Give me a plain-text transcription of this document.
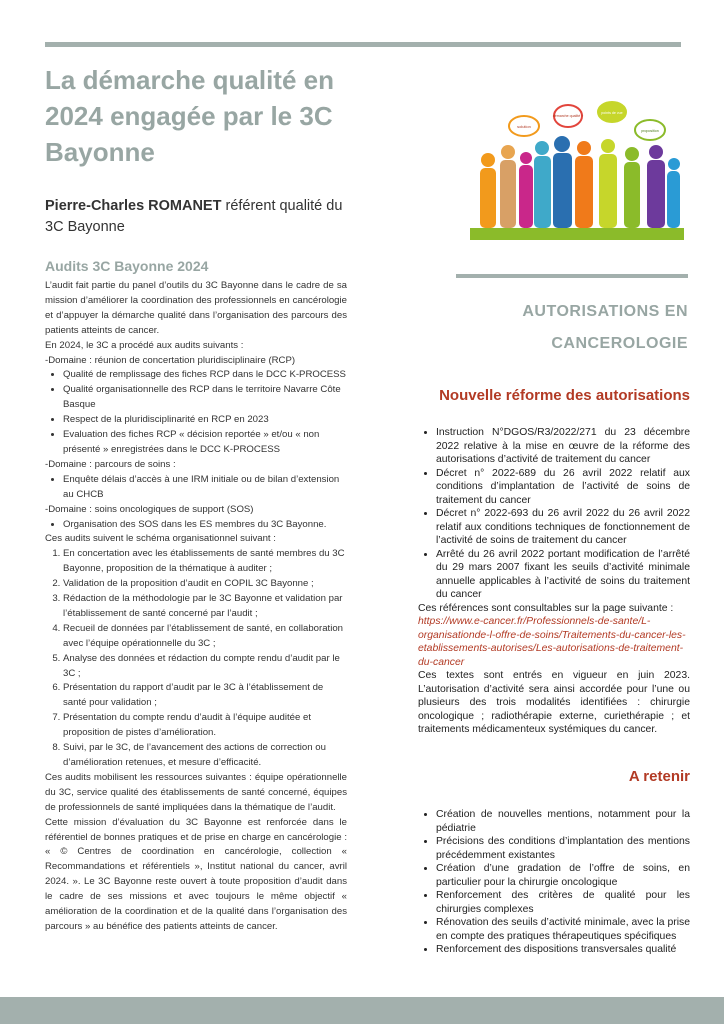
La démarche qualité en 2024 engagée par le 3C Bayonne
Pierre-Charles ROMANET référent qualité du 3C Bayonne
solution
démarche qualité ?
points de vue
proposition
Audits 3C Bayonne 2024

L’audit fait partie du panel d’outils du 3C Bayonne dans le cadre de sa mission d’améliorer la coordination des professionnels en cancérologie et d’appuyer la démarche qualité dans l’organisation des parcours des patients atteints de cancer.

En 2024, le 3C a procédé aux audits suivants :

-Domaine : réunion de concertation pluridisciplinaire (RCP)

• Qualité de remplissage des fiches RCP dans le DCC K-PROCESS
• Qualité organisationnelle des RCP dans le territoire Navarre Côte Basque
• Respect de la pluridisciplinarité en RCP en 2023
• Evaluation des fiches RCP « décision reportée » et/ou « non présenté » enregistrées dans le DCC K-PROCESS

-Domaine : parcours de soins :

• Enquête délais d’accès à une IRM initiale ou de bilan d’extension au CHCB

-Domaine : soins oncologiques de support (SOS)

• Organisation des SOS dans les ES membres du 3C Bayonne.

Ces audits suivent le schéma organisationnel suivant :

1. En concertation avec les établissements de santé membres du 3C Bayonne, proposition de la thématique à auditer ;
2. Validation de la proposition d’audit en COPIL 3C Bayonne ;
3. Rédaction de la méthodologie par le 3C Bayonne et validation par l’établissement de santé concerné par l’audit ;
4. Recueil de données par l’établissement de santé, en collaboration avec l’équipe opérationnelle du 3C ;
5. Analyse des données et rédaction du compte rendu d’audit par le 3C ;
6. Présentation du rapport d’audit par le 3C à l’établissement de santé pour validation ;
7. Présentation du compte rendu d’audit à l’équipe auditée et proposition de pistes d’amélioration.
8. Suivi, par le 3C, de l’avancement des actions de correction ou d’amélioration retenues, et mesure d’efficacité.

Ces audits mobilisent les ressources suivantes : équipe opérationnelle du 3C, service qualité des établissements de santé concerné, équipes de professionnels de santé impliquées dans la thématique de l’audit.

Cette mission d’évaluation du 3C Bayonne est renforcée dans le référentiel de bonnes pratiques et de prise en charge en cancérologie : « © Centres de coordination en cancérologie, collection « Recommandations et référentiels », Institut national du cancer, avril 2024. ». Le 3C Bayonne reste ouvert à toute proposition d’audit dans le cadre de ses missions et avec toujours le même objectif « amélioration de la coordination et de la qualité dans l’organisation des parcours » au bénéfice des patients atteints de cancer.

AUTORISATIONS EN
CANCEROLOGIE
Nouvelle réforme des autorisations
• Instruction N°DGOS/R3/2022/271 du 23 décembre 2022 relative à la mise en œuvre de la réforme des autorisations d’activité de traitement du cancer
• Décret n° 2022-689 du 26 avril 2022 relatif aux conditions d’implantation de l’activité de soins de traitement du cancer
• Décret n° 2022-693 du 26 avril 2022 du 26 avril 2022 relatif aux conditions techniques de fonctionnement de l’activité de soins de traitement du cancer
• Arrêté du 26 avril 2022 portant modification de l’arrêté du 29 mars 2007 fixant les seuils d’activité minimale annuelle applicables à l’activité de soins du traitement du cancer

Ces références sont consultables sur la page suivante :

https://www.e-cancer.fr/Professionnels-de-sante/L-organisationde-l-offre-de-soins/Traitements-du-cancer-les-etablissements-autorises/Les-autorisations-de-traitement-du-cancer

Ces textes sont entrés en vigueur en juin 2023. L’autorisation d’activité sera ainsi accordée pour l’une ou plusieurs des trois modalités identifiées : chirurgie oncologique ; radiothérapie externe, curiethérapie ; et traitements médicamenteux systémiques du cancer.

A retenir
• Création de nouvelles mentions, notamment pour la pédiatrie
• Précisions des conditions d’implantation des mentions précédemment existantes
• Création d’une gradation de l’offre de soins, en particulier pour la chirurgie oncologique
• Renforcement des critères de qualité pour les chirurgies complexes
• Rénovation des seuils d’activité minimale, avec la prise en compte des pratiques thérapeutiques spécifiques
• Renforcement des dispositions transversales qualité
